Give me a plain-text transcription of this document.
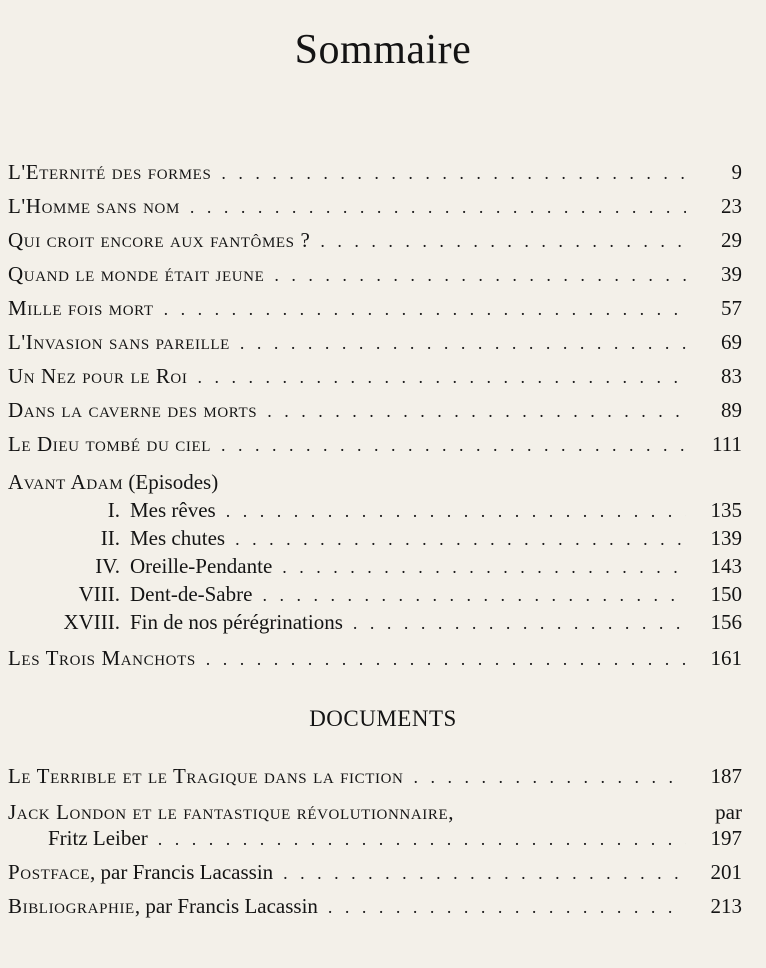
Sommaire
L'Eternité des formes . . .	9
L'Homme sans nom . . .	23
Qui croit encore aux fantômes ? . . .	29
Quand le monde était jeune . . .	39
Mille fois mort . . .	57
L'Invasion sans pareille . . .	69
Un Nez pour le Roi . . .	83
Dans la caverne des morts . . .	89
Le Dieu tombé du ciel . . .	111
Avant Adam (Episodes)
I. Mes rêves . . .	135
II. Mes chutes . . .	139
IV. Oreille-Pendante . . .	143
VIII. Dent-de-Sabre . . .	150
XVIII. Fin de nos pérégrinations . . .	156
Les Trois Manchots . . .	161
DOCUMENTS
Le Terrible et le Tragique dans la fiction . . .	187
Jack London et le fantastique révolutionnaire,	par
Fritz Leiber . . .	197
Postface, par Francis Lacassin . . .	201
Bibliographie, par Francis Lacassin . . .	213
